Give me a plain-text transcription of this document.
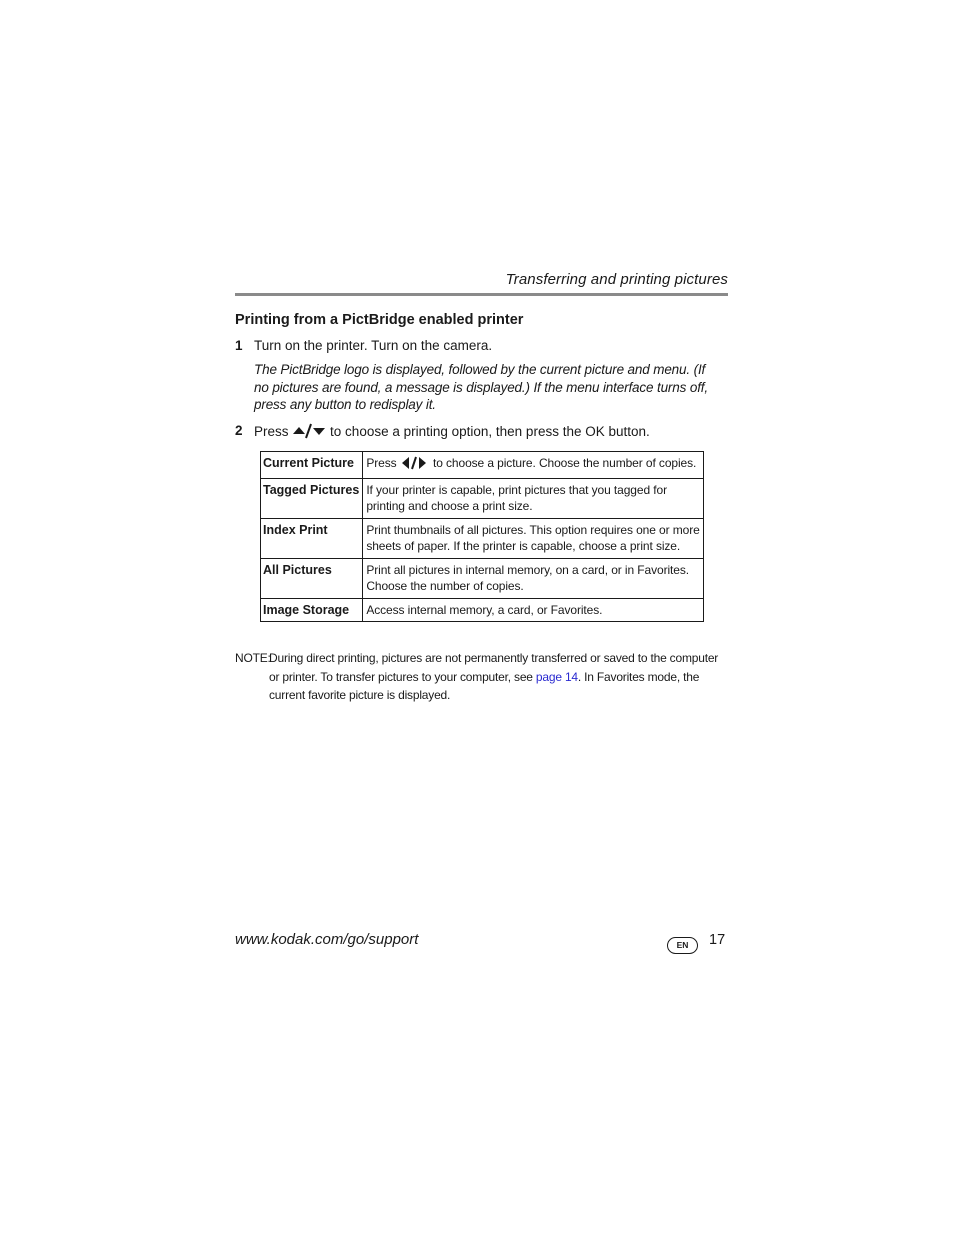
Transferring and printing pictures
Printing from a PictBridge enabled printer
1 Turn on the printer. Turn on the camera.
The PictBridge logo is displayed, followed by the current picture and menu. (If no pictures are found, a message is displayed.) If the menu interface turns off, press any button to redisplay it.
2 Press	to choose a printing option, then press the OK button.
Current Picture	Press to choose a picture. Choose the number of copies.
Tagged Pictures	If your printer is capable, print pictures that you tagged for printing and choose a print size.
Index Print	Print thumbnails of all pictures. This option requires one or more sheets of paper. If the printer is capable, choose a print size.
All Pictures	Print all pictures in internal memory, on a card, or in Favorites. Choose the number of copies.
Image Storage	Access internal memory, a card, or Favorites.
NOTE:
During direct printing, pictures are not permanently transferred or saved to the computer or printer. To transfer pictures to your computer, see page 14. In Favorites mode, the current favorite picture is displayed.
www.kodak.com/go/support	EN	17
